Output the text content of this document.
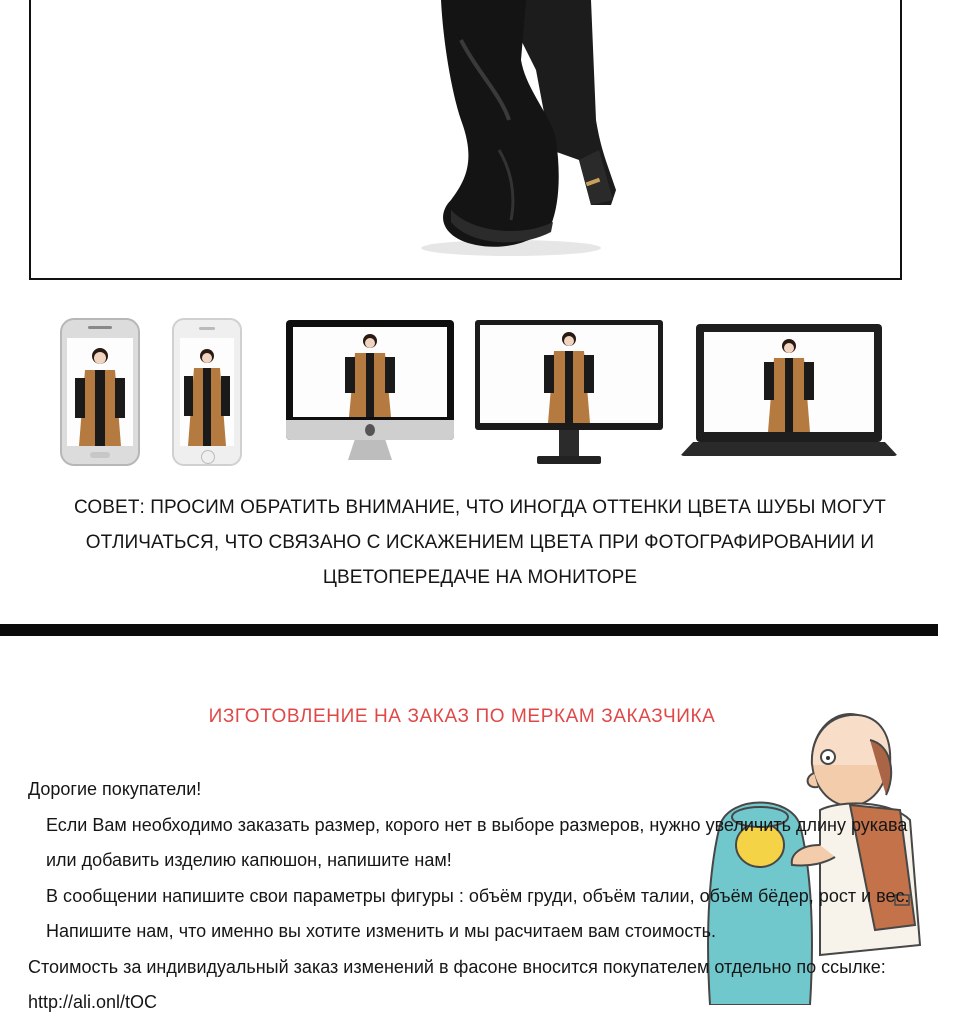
СОВЕТ: ПРОСИМ ОБРАТИТЬ ВНИМАНИЕ, ЧТО ИНОГДА ОТТЕНКИ ЦВЕТА ШУБЫ МОГУТ ОТЛИЧАТЬСЯ, ЧТО СВЯЗАНО С ИСКАЖЕНИЕМ ЦВЕТА ПРИ ФОТОГРАФИРОВАНИИ И ЦВЕТОПЕРЕДАЧЕ НА МОНИТОРЕ
ИЗГОТОВЛЕНИЕ НА ЗАКАЗ ПО МЕРКАМ ЗАКАЗЧИКА

Дорогие покупатели!

Если Вам необходимо заказать размер, корого нет в выборе размеров, нужно увеличить длину рукава или добавить изделию капюшон, напишите нам!

В сообщении напишите свои параметры фигуры : объём груди, объём талии, объём бёдер, рост и вес. Напишите нам, что именно вы хотите изменить и мы расчитаем вам стоимость.

Стоимость за индивидуальный заказ изменений в фасоне вносится покупателем отдельно по ссылке: http://ali.onl/tOC
